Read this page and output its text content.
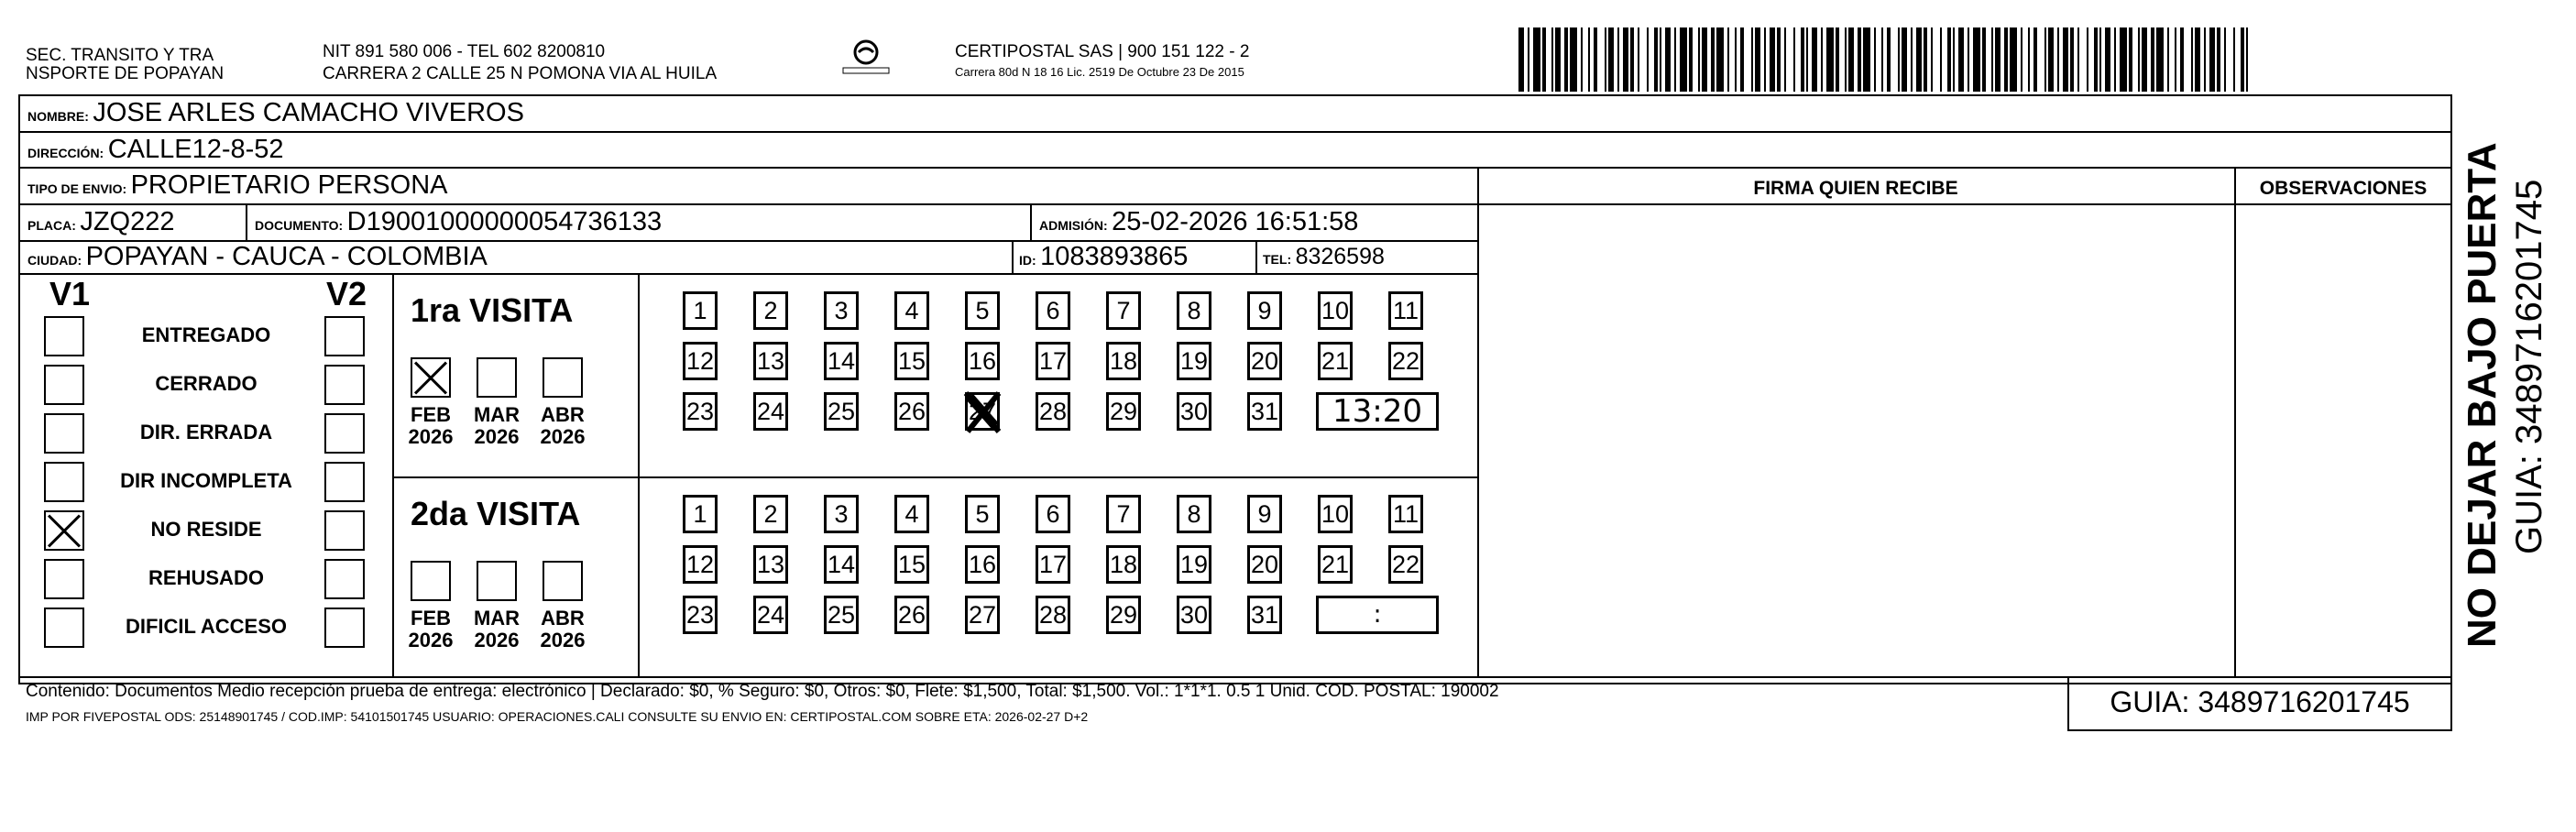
SEC. TRANSITO Y TRA
NSPORTE DE POPAYAN
NIT 891 580 006 - TEL 602 8200810
CARRERA 2 CALLE 25 N POMONA VIA AL HUILA
CERTIPOSTAL SAS | 900 151 122 - 2
Carrera 80d N 18 16 Lic. 2519 De Octubre 23 De 2015
NOMBRE: JOSE ARLES CAMACHO VIVEROS
DIRECCIÓN: CALLE12-8-52
TIPO DE ENVIO: PROPIETARIO PERSONA	FIRMA QUIEN RECIBE	OBSERVACIONES
PLACA: JZQ222	DOCUMENTO: D19001000000054736133	ADMISIÓN: 25-02-2026 16:51:58
CIUDAD: POPAYAN - CAUCA - COLOMBIA	ID: 1083893865	TEL: 8326598
V1	V2
ENTREGADO
CERRADO
DIR. ERRADA
DIR INCOMPLETA
NO RESIDE
REHUSADO
DIFICIL ACCESO
1ra VISITA
FEB
2026
MAR
2026
ABR
2026
1	2	3	4	5	6	7	8	9	10 11
12 13 14 15 16 17 18 19 20 21 22
23 24 25 26 27 28 29 30 31	13:20
2da VISITA
FEB
2026
MAR
2026
ABR
2026
1	2	3	4	5	6	7	8	9	10 11
12 13 14 15 16 17 18 19 20 21 22
23 24 25 26 27 28 29 30 31	:
Contenido: Documentos Medio recepción prueba de entrega: electrónico | Declarado: $0, % Seguro: $0, Otros: $0, Flete: $1,500, Total: $1,500. Vol.: 1*1*1. 0.5 1 Unid. COD. POSTAL: 190002
IMP POR FIVEPOSTAL ODS: 25148901745 / COD.IMP: 54101501745 USUARIO: OPERACIONES.CALI CONSULTE SU ENVIO EN: CERTIPOSTAL.COM SOBRE ETA: 2026-02-27 D+2	GUIA: 3489716201745
NO DEJAR BAJO PUERTA GUIA: 3489716201745
